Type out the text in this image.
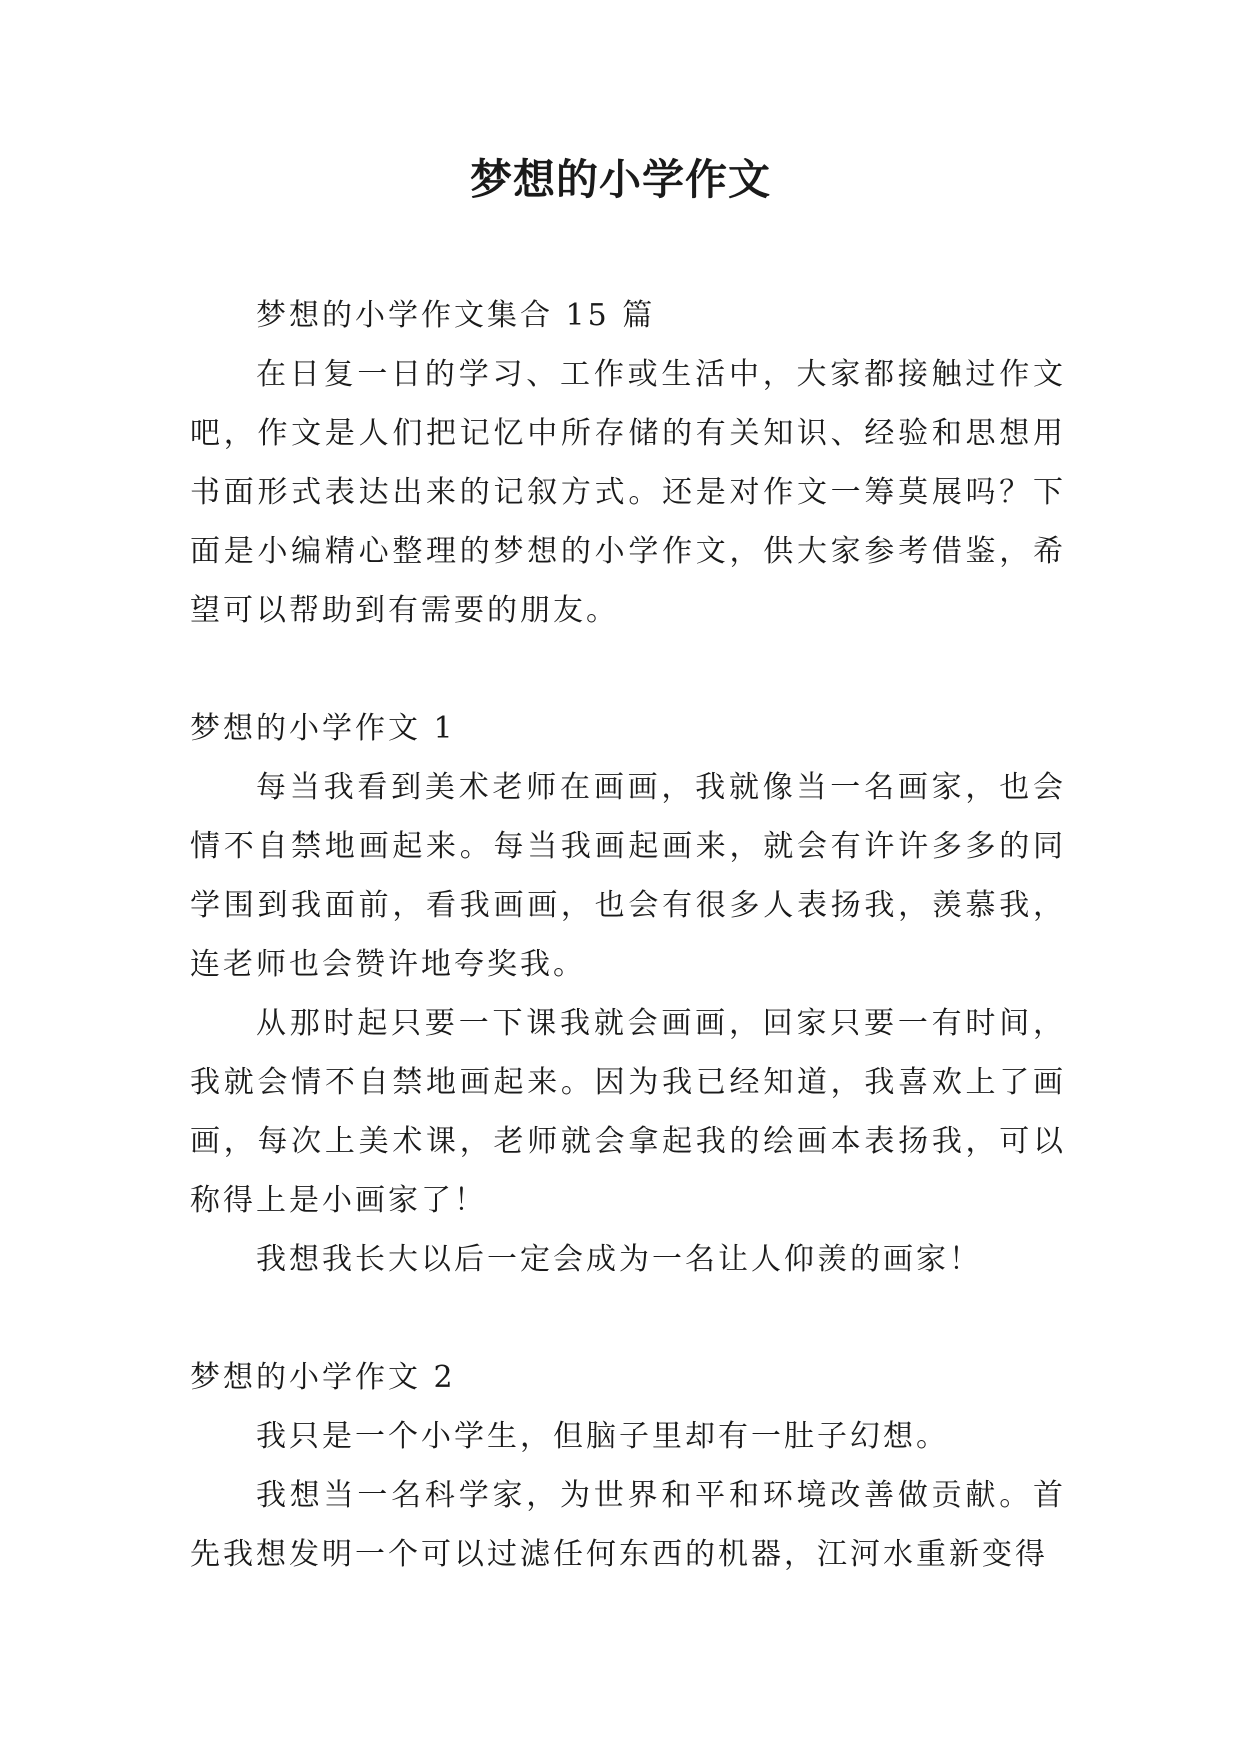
梦想的小学作文

梦想的小学作文集合 15 篇

在日复一日的学习、工作或生活中，大家都接触过作文吧，作文是人们把记忆中所存储的有关知识、经验和思想用书面形式表达出来的记叙方式。还是对作文一筹莫展吗？下面是小编精心整理的梦想的小学作文，供大家参考借鉴，希望可以帮助到有需要的朋友。

梦想的小学作文 1

每当我看到美术老师在画画，我就像当一名画家，也会情不自禁地画起来。每当我画起画来，就会有许许多多的同学围到我面前，看我画画，也会有很多人表扬我，羡慕我，连老师也会赞许地夸奖我。

从那时起只要一下课我就会画画，回家只要一有时间，我就会情不自禁地画起来。因为我已经知道，我喜欢上了画画，每次上美术课，老师就会拿起我的绘画本表扬我，可以称得上是小画家了！

我想我长大以后一定会成为一名让人仰羡的画家！

梦想的小学作文 2

我只是一个小学生，但脑子里却有一肚子幻想。

我想当一名科学家，为世界和平和环境改善做贡献。首先我想发明一个可以过滤任何东西的机器，江河水重新变得
